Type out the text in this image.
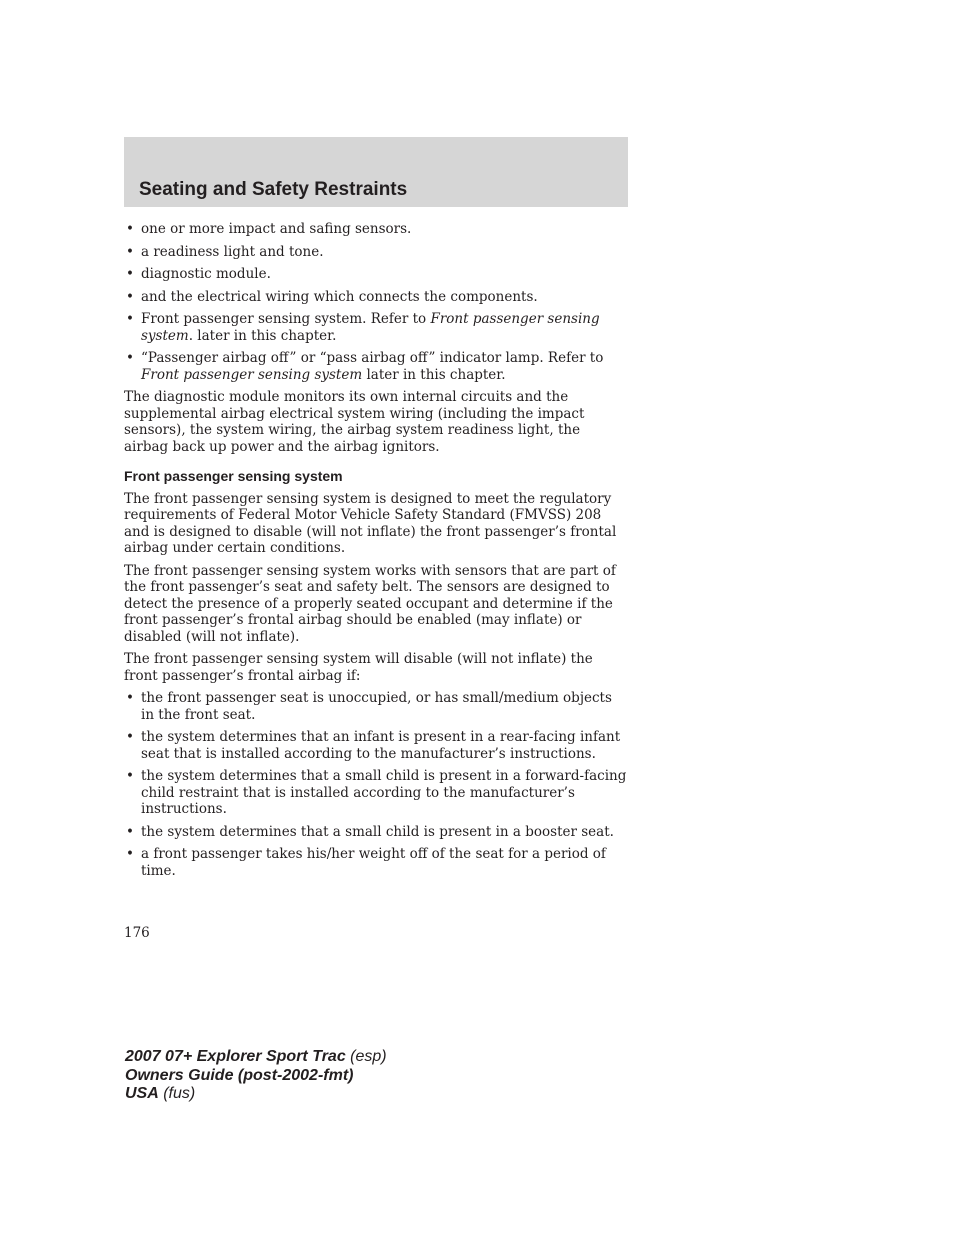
Seating and Safety Restraints
• one or more impact and safing sensors.
• a readiness light and tone.
• diagnostic module.
• and the electrical wiring which connects the components.
• Front passenger sensing system. Refer to Front passenger sensing system. later in this chapter.
• “Passenger airbag off” or “pass airbag off” indicator lamp. Refer to Front passenger sensing system later in this chapter.

The diagnostic module monitors its own internal circuits and the supplemental airbag electrical system wiring (including the impact sensors), the system wiring, the airbag system readiness light, the airbag back up power and the airbag ignitors.

Front passenger sensing system

The front passenger sensing system is designed to meet the regulatory requirements of Federal Motor Vehicle Safety Standard (FMVSS) 208 and is designed to disable (will not inflate) the front passenger’s frontal airbag under certain conditions.

The front passenger sensing system works with sensors that are part of the front passenger’s seat and safety belt. The sensors are designed to detect the presence of a properly seated occupant and determine if the front passenger’s frontal airbag should be enabled (may inflate) or disabled (will not inflate).

The front passenger sensing system will disable (will not inflate) the front passenger’s frontal airbag if:

• the front passenger seat is unoccupied, or has small/medium objects in the front seat.
• the system determines that an infant is present in a rear-facing infant seat that is installed according to the manufacturer’s instructions.
• the system determines that a small child is present in a forward-facing child restraint that is installed according to the manufacturer’s instructions.
• the system determines that a small child is present in a booster seat.
• a front passenger takes his/her weight off of the seat for a period of time.
176
2007 07+ Explorer Sport Trac (esp)
Owners Guide (post-2002-fmt)
USA (fus)
